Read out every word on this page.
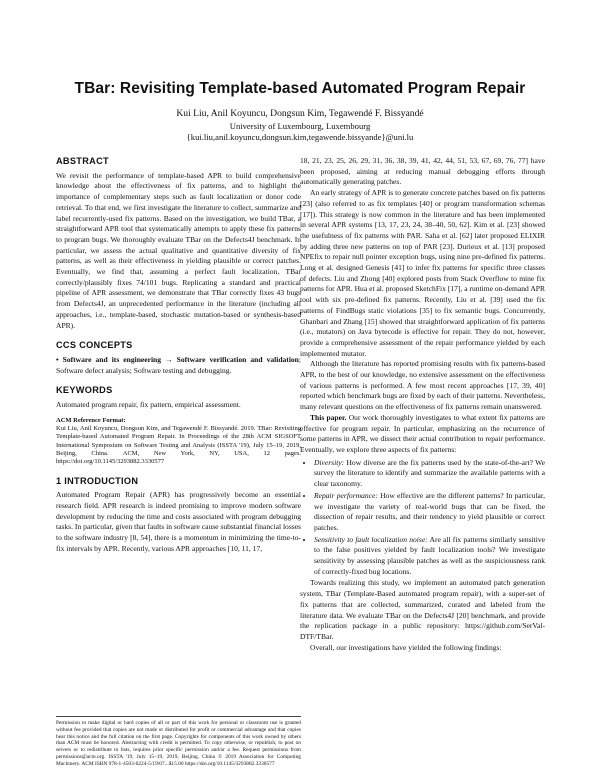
TBar: Revisiting Template-based Automated Program Repair
Kui Liu, Anil Koyuncu, Dongsun Kim, Tegawendé F. Bissyandé
University of Luxembourg, Luxembourg
{kui.liu,anil.koyuncu,dongsun.kim,tegawende.bissyande}@uni.lu
ABSTRACT

We revisit the performance of template-based APR to build comprehensive knowledge about the effectiveness of fix patterns, and to highlight the importance of complementary steps such as fault localization or donor code retrieval. To that end, we first investigate the literature to collect, summarize and label recurrently-used fix patterns. Based on the investigation, we build TBar, a straightforward APR tool that systematically attempts to apply these fix patterns to program bugs. We thoroughly evaluate TBar on the Defects4J benchmark. In particular, we assess the actual qualitative and quantitative diversity of fix patterns, as well as their effectiveness in yielding plausible or correct patches. Eventually, we find that, assuming a perfect fault localization, TBar correctly/plausibly fixes 74/101 bugs. Replicating a standard and practical pipeline of APR assessment, we demonstrate that TBar correctly fixes 43 bugs from Defects4J, an unprecedented performance in the literature (including all approaches, i.e., template-based, stochastic mutation-based or synthesis-based APR).

CCS CONCEPTS

• Software and its engineering → Software verification and validation; Software defect analysis; Software testing and debugging.

KEYWORDS

Automated program repair, fix pattern, empirical assessment.

ACM Reference Format:

Kui Liu, Anil Koyuncu, Dongsun Kim, and Tegawendé F. Bissyandé. 2019. TBar: Revisiting Template-based Automated Program Repair. In Proceedings of the 28th ACM SIGSOFT International Symposium on Software Testing and Analysis (ISSTA '19), July 15–19, 2019, Beijing, China. ACM, New York, NY, USA, 12 pages. https://doi.org/10.1145/3293882.3330577

1 INTRODUCTION

Automated Program Repair (APR) has progressively become an essential research field. APR research is indeed promising to improve modern software development by reducing the time and costs associated with program debugging tasks. In particular, given that faults in software cause substantial financial losses to the software industry [8, 54], there is a momentum in minimizing the time-to-fix intervals by APR. Recently, various APR approaches [10, 11, 17,

Permission to make digital or hard copies of all or part of this work for personal or classroom use is granted without fee provided that copies are not made or distributed for profit or commercial advantage and that copies bear this notice and the full citation on the first page. Copyrights for components of this work owned by others than ACM must be honored. Abstracting with credit is permitted. To copy otherwise, or republish, to post on servers or to redistribute to lists, requires prior specific permission and/or a fee. Request permissions from permissions@acm.org. ISSTA '19, July 15–19, 2019, Beijing, China © 2019 Association for Computing Machinery. ACM ISBN 978-1-4503-6224-5/19/07...$15.00 https://doi.org/10.1145/3293882.3330577

18, 21, 23, 25, 26, 29, 31, 36, 38, 39, 41, 42, 44, 51, 53, 67, 69, 76, 77] have been proposed, aiming at reducing manual debugging efforts through automatically generating patches.

An early strategy of APR is to generate concrete patches based on fix patterns [23] (also referred to as fix templates [40] or program transformation schemas [17]). This strategy is now common in the literature and has been implemented in several APR systems [13, 17, 23, 24, 38–40, 50, 62]. Kim et al. [23] showed the usefulness of fix patterns with PAR. Saha et al. [62] later proposed ELIXIR by adding three new patterns on top of PAR [23]. Durieux et al. [13] proposed NPEfix to repair null pointer exception bugs, using nine pre-defined fix patterns. Long et al. designed Genesis [41] to infer fix patterns for specific three classes of defects. Liu and Zhong [40] explored posts from Stack Overflow to mine fix patterns for APR. Hua et al. proposed SketchFix [17], a runtime on-demand APR tool with six pre-defined fix patterns. Recently, Liu et al. [39] used the fix patterns of FindBugs static violations [35] to fix semantic bugs. Concurrently, Ghanbari and Zhang [15] showed that straightforward application of fix patterns (i.e., mutators) on Java bytecode is effective for repair. They do not, however, provide a comprehensive assessment of the repair performance yielded by each implemented mutator.

Although the literature has reported promising results with fix patterns-based APR, to the best of our knowledge, no extensive assessment on the effectiveness of various patterns is performed. A few most recent approaches [17, 39, 40] reported which benchmark bugs are fixed by each of their patterns. Nevertheless, many relevant questions on the effectiveness of fix patterns remain unanswered.

This paper. Our work thoroughly investigates to what extent fix patterns are effective for program repair. In particular, emphasizing on the recurrence of some patterns in APR, we dissect their actual contribution to repair performance. Eventually, we explore three aspects of fix patterns:

• Diversity: How diverse are the fix patterns used by the state-of-the-art? We survey the literature to identify and summarize the available patterns with a clear taxonomy.
• Repair performance: How effective are the different patterns? In particular, we investigate the variety of real-world bugs that can be fixed, the dissection of repair results, and their tendency to yield plausible or correct patches.
• Sensitivity to fault localization noise: Are all fix patterns similarly sensitive to the false positives yielded by fault localization tools? We investigate sensitivity by assessing plausible patches as well as the suspiciousness rank of correctly-fixed bug locations.

Towards realizing this study, we implement an automated patch generation system, TBar (Template-Based automated program repair), with a super-set of fix patterns that are collected, summarized, curated and labeled from the literature data. We evaluate TBar on the Defects4J [20] benchmark, and provide the replication package in a public repository: https://github.com/SerVal-DTF/TBar.

Overall, our investigations have yielded the following findings:
